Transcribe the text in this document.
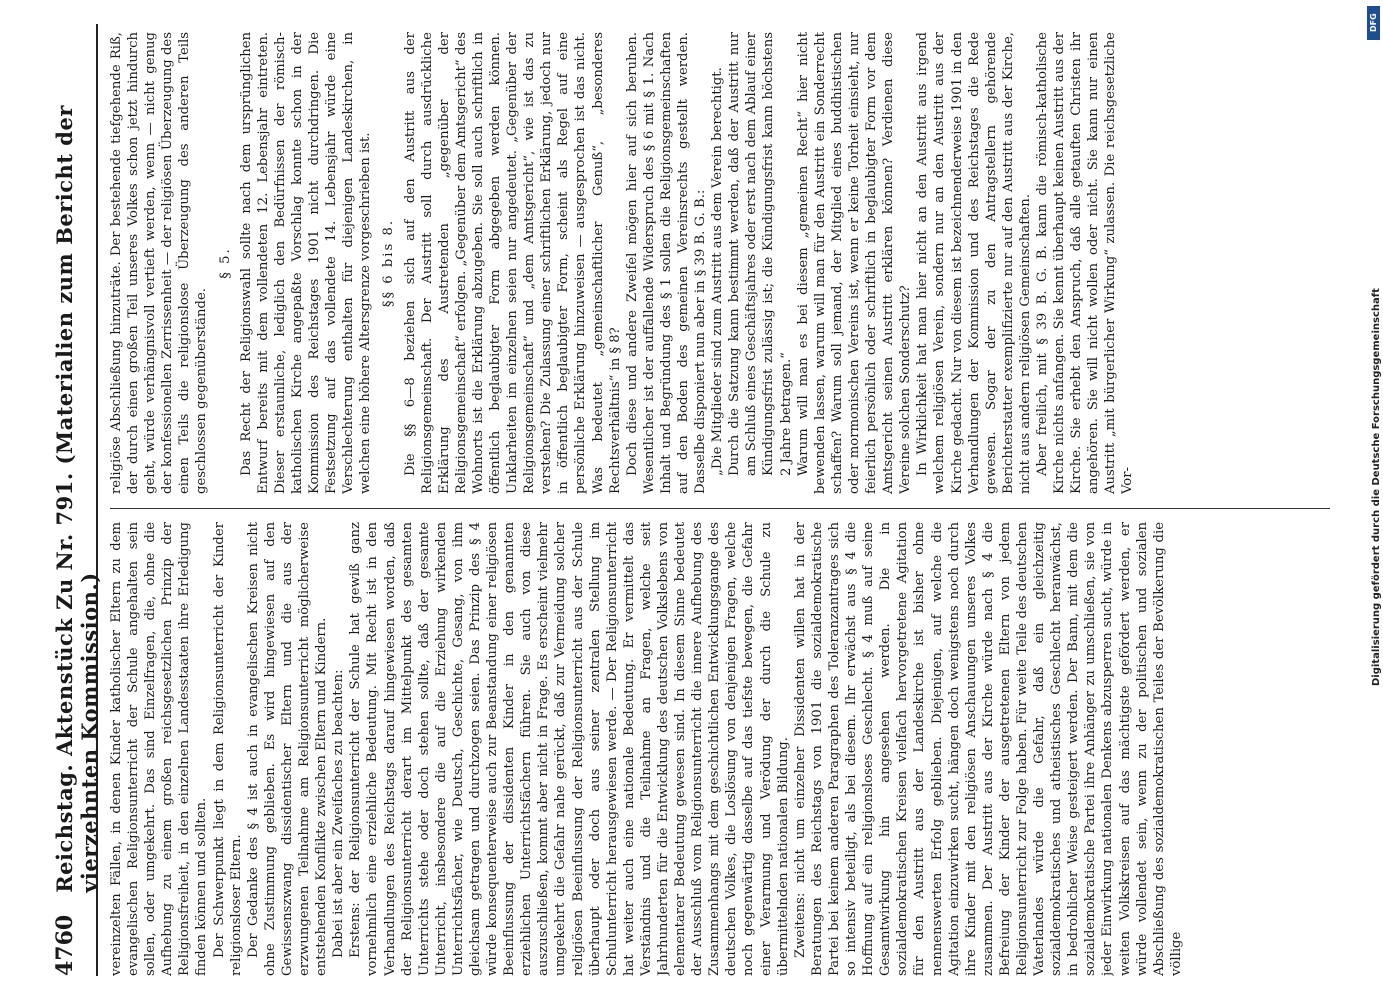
4760
Reichstag. Aktenstück Zu Nr. 791. (Materialien zum Bericht der vierzehnten Kommission.) vereinzelten Fällen, in denen Kinder katholischer Eltern zu dem evangelischen Religionsunterricht der Schule angehalten sein sollen, oder umgekehrt. Das sind Einzelfragen, die, ohne die Aufhebung zu einem großen reichsgesetzlichen Prinzip der Religionsfreiheit, in den einzelnen Landesstaaten ihre Erledigung finden können und sollten. Der Schwerpunkt liegt in dem Religionsunterricht der Kinder religionsloser Eltern. Der Gedanke des § 4 ist auch in evangelischen Kreisen nicht ohne Zustimmung geblieben. Es wird hingewiesen auf den Gewissenszwang dissidentischer Eltern und die aus der erzwungenen Teilnahme am Religionsunterricht möglicherweise entstehenden Konflikte zwischen Eltern und Kindern. Dabei ist aber ein Zweifaches zu beachten: Erstens: der Religionsunterricht der Schule hat gewiß ganz vornehmlich eine erziehliche Bedeutung. Mit Recht ist in den Verhandlungen des Reichstags darauf hingewiesen worden, daß der Religionsunterricht derart im Mittelpunkt des gesamten Unterrichts stehe oder doch stehen sollte, daß der gesamte Unterricht, insbesondere die auf die Erziehung wirkenden Unterrichtsfächer, wie Deutsch, Geschichte, Gesang, von ihm gleichsam getragen und durchzogen seien. Das Prinzip des § 4 würde konsequenterweise auch zur Beanstandung einer religiösen Beeinflussung der dissidenten Kinder in den genannten erziehlichen Unterrichtsfächern führen. Sie auch von diese auszuschließen, kommt aber nicht in Frage. Es erscheint vielmehr umgekehrt die Gefahr nahe gerückt, daß zur Vermeidung solcher religiösen Beeinflussung der Religionsunterricht aus der Schule überhaupt oder doch aus seiner zentralen Stellung im Schulunterricht herausgewiesen werde. — Der Religionsunterricht hat weiter auch eine nationale Bedeutung. Er vermittelt das Verständnis und die Teilnahme an Fragen, welche seit Jahrhunderten für die Entwicklung des deutschen Volkslebens von elementarer Bedeutung gewesen sind. In diesem Sinne bedeutet der Ausschluß vom Religionsunterricht die innere Aufhebung des Zusammenhangs mit dem geschichtlichen Entwicklungsgange des deutschen Volkes, die Loslösung von denjenigen Fragen, welche noch gegenwärtig dasselbe auf das tiefste bewegen, die Gefahr einer Verarmung und Verödung der durch die Schule zu übermittelnden nationalen Bildung. Zweitens: nicht um einzelner Dissidenten willen hat in der Beratungen des Reichstags von 1901 die sozialdemokratische Partei bei keinem anderen Paragraphen des Toleranzantrages sich so intensiv beteiligt, als bei diesem. Ihr erwächst aus § 4 die Hoffnung auf ein religionsloses Geschlecht. § 4 muß auf seine Gesamtwirkung hin angesehen werden. Die in sozialdemokratischen Kreisen vielfach hervorgetretene Agitation für den Austritt aus der Landeskirche ist bisher ohne nennenswerten Erfolg geblieben. Diejenigen, auf welche die Agitation einzuwirken sucht, hängen doch wenigstens noch durch ihre Kinder mit den religiösen Anschauungen unseres Volkes zusammen. Der Austritt aus der Kirche würde nach § 4 die Befreiung der Kinder der ausgetretenen Eltern von jedem Religionsunterricht zur Folge haben. Für weite Teile des deutschen Vaterlandes würde die Gefahr, daß ein gleichzeitig sozialdemokratisches und atheistisches Geschlecht heranwächst, in bedrohlicher Weise gesteigert werden. Der Bann, mit dem die sozialdemokratische Partei ihre Anhänger zu umschließen, sie von jeder Einwirkung nationalen Denkens abzusperren sucht, würde in weiten Volkskreisen auf das mächtigste gefördert werden, er würde vollendet sein, wenn zu der politischen und sozialen Abschließung des sozialdemokratischen Teiles der Bevölkerung die völlige

religiöse Abschließung hinzuträte. Der bestehende tiefgehende Riß, der durch einen großen Teil unseres Volkes schon jetzt hindurch geht, würde verhängnisvoll vertieft werden, wenn — nicht genug der konfessionellen Zerrissenheit — der religiösen Überzeugung des einen Teils die religionslose Überzeugung des anderen Teils geschlossen gegenüberstände.

§ 5. Das Recht der Religionswahl sollte nach dem ursprünglichen Entwurf bereits mit dem vollendeten 12. Lebensjahr eintreten. Dieser erstaunliche, lediglich den Bedürfnissen der römisch-katholischen Kirche angepaßte Vorschlag konnte schon in der Kommission des Reichstages 1901 nicht durchdringen. Die Festsetzung auf das vollendete 14. Lebensjahr würde eine Verschlechterung enthalten für diejenigen Landeskirchen, in welchen eine höhere Altersgrenze vorgeschrieben ist. §§ 6 bis 8. Die §§ 6—8 beziehen sich auf den Austritt aus der Religionsgemeinschaft. Der Austritt soll durch ausdrückliche Erklärung des Austretenden „gegenüber der Religionsgemeinschaft“ erfolgen. „Gegenüber dem Amtsgericht“ des Wohnorts ist die Erklärung abzugeben. Sie soll auch schriftlich in öffentlich beglaubigter Form abgegeben werden können. Unklarheiten im einzelnen seien nur angedeutet. „Gegenüber der Religionsgemeinschaft“ und „dem Amtsgericht“, wie ist das zu verstehen? Die Zulassung einer schriftlichen Erklärung, jedoch nur in öffentlich beglaubigter Form, scheint als Regel auf eine persönliche Erklärung hinzuweisen — ausgesprochen ist das nicht. Was bedeutet „gemeinschaftlicher Genuß“, „besonderes Rechtsverhältnis“ in § 8? Doch diese und andere Zweifel mögen hier auf sich beruhen. Wesentlicher ist der auffallende Widerspruch des § 6 mit § 1. Nach Inhalt und Begründung des § 1 sollen die Religionsgemeinschaften auf den Boden des gemeinen Vereinsrechts gestellt werden. Dasselbe disponiert nun aber in § 39 B. G. B.: „Die Mitglieder sind zum Austritt aus dem Verein berechtigt. Durch die Satzung kann bestimmt werden, daß der Austritt nur am Schluß eines Geschäftsjahres oder erst nach dem Ablauf einer Kündigungsfrist zulässig ist; die Kündigungsfrist kann höchstens 2 Jahre betragen.“ Warum will man es bei diesem „gemeinen Recht“ hier nicht bewenden lassen, warum will man für den Austritt ein Sonderrecht schaffen? Warum soll jemand, der Mitglied eines buddhistischen oder mormonischen Vereins ist, wenn er keine Torheit einsieht, nur feierlich persönlich oder schriftlich in beglaubigter Form vor dem Amtsgericht seinen Austritt erklären können? Verdienen diese Vereine solchen Sonderschutz? In Wirklichkeit hat man hier nicht an den Austritt aus irgend welchem religiösen Verein, sondern nur an den Austritt aus der Kirche gedacht. Nur von diesem ist bezeichnenderweise 1901 in den Verhandlungen der Kommission und des Reichstages die Rede gewesen. Sogar der zu den Antragstellern gehörende Berichterstatter exemplifizierte nur auf den Austritt aus der Kirche, nicht aus andern religiösen Gemeinschaften. Aber freilich, mit § 39 B. G. B. kann die römisch-katholische Kirche nichts anfangen. Sie kennt überhaupt keinen Austritt aus der Kirche. Sie erhebt den Anspruch, daß alle getauften Christen ihr angehören. Sie will nicht wollen oder nicht. Sie kann nur einen Austritt „mit bürgerlicher Wirkung“ zulassen. Die reichsgesetzliche Vor-

DFG
Digitalisierung gefördert durch die Deutsche Forschungsgemeinschaft
